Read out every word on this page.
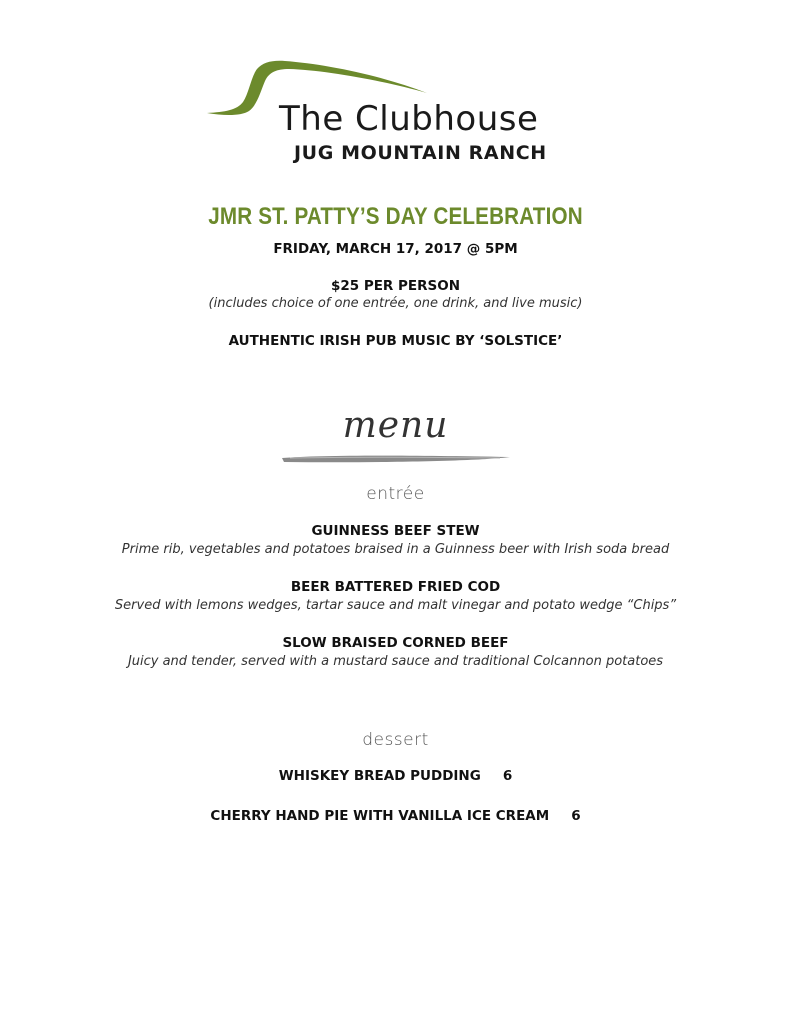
The Clubhouse
JUG MOUNTAIN RANCH
JMR ST. PATTY’S DAY CELEBRATION
FRIDAY, MARCH 17, 2017 @ 5PM
$25 PER PERSON
(includes choice of one entrée, one drink, and live music)
AUTHENTIC IRISH PUB MUSIC BY ‘SOLSTICE’
menu
entrée
GUINNESS BEEF STEW
Prime rib, vegetables and potatoes braised in a Guinness beer with Irish soda bread
BEER BATTERED FRIED COD
Served with lemons wedges, tartar sauce and malt vinegar and potato wedge “Chips”
SLOW BRAISED CORNED BEEF
Juicy and tender, served with a mustard sauce and traditional Colcannon potatoes
dessert
WHISKEY BREAD PUDDING 6
CHERRY HAND PIE WITH VANILLA ICE CREAM 6
